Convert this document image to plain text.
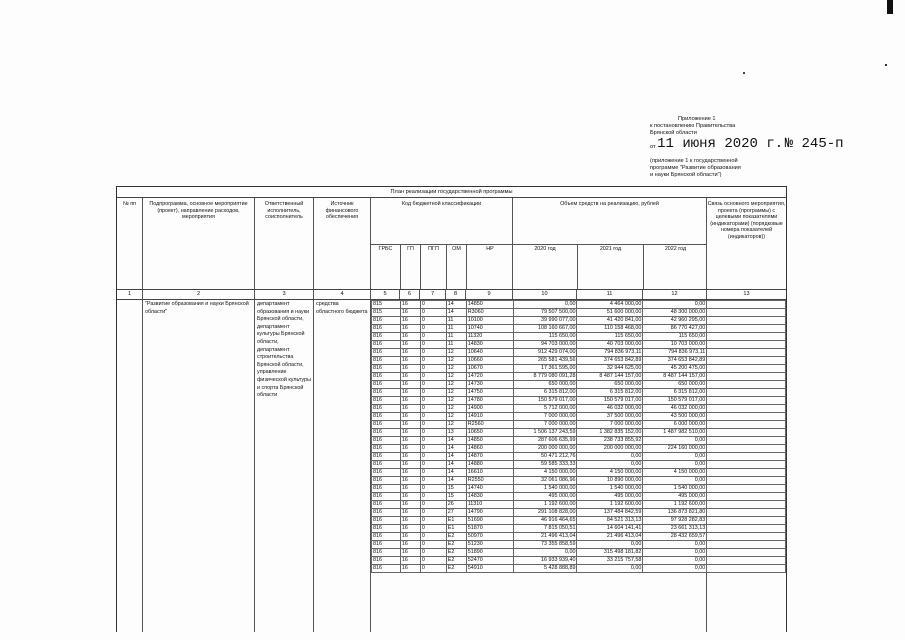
Приложение 1
к постановлению Правительства
Брянской области
от 11 июня 2020 г. № 245-п
(приложение 1 к государственной
программе "Развитие образования
и науки Брянской области")
План реализации государственной программы
№ пп	Подпрограмма, основное мероприятие (проект), направление расходов, мероприятия
Ответственный исполнитель, соисполнитель
Источник финансового обеспечения
Код бюджетной классификации	Объем средств на реализацию, рублей	Связь основного мероприятия, проекта (программы) с целевыми показателями (индикаторами) (порядковые номера показателей (индикаторов))
ГРБС	ГП	ПГП	ОМ	НР	2020 год	2021 год	2022 год
1	2	3	4	5	6	7	8	9	10	11	12	13
"Развитие образования и науки Брянской области"
департамент образования и науки Брянской области, департамент культуры Брянской области, департамент строительства Брянской области, управление физической культуры и спорта Брянской области
средства областного бюджета
815	16	0	14	14850	0,00	4 464 000,00	0,00	
815	16	0	14	R3060	79 507 500,00	51 600 000,00	48 300 000,00	
816	16	0	11	10100	39 990 077,00	41 420 841,00	42 960 295,00	
816	16	0	11	10740	108 160 667,00	110 158 468,00	86 770 427,00	
816	16	0	11	11320	115 650,00	115 650,00	115 650,00	
816	16	0	11	14830	94 703 000,00	40 703 000,00	10 703 000,00	
816	16	0	12	10640	912 429 074,00	794 836 973,11	794 836 973,11	
816	16	0	12	10660	265 581 439,56	374 653 842,89	374 653 842,89	
816	16	0	12	10670	17 361 595,00	32 944 625,00	45 200 475,00	
816	16	0	12	14720	8 779 080 091,28	8 487 144 157,00	8 487 144 157,00	
816	16	0	12	14730	650 000,00	650 000,00	650 000,00	
816	16	0	12	14750	6 315 812,00	6 315 812,00	6 315 812,00	
816	16	0	12	14780	150 579 017,00	150 579 017,00	150 579 017,00	
816	16	0	12	14900	5 712 000,00	46 032 000,00	46 032 000,00	
816	16	0	12	14910	7 000 000,00	37 500 000,00	43 500 000,00	
816	16	0	12	R2560	7 000 000,00	7 000 000,00	6 000 000,00	
816	16	0	13	10650	1 506 137 243,59	1 382 835 152,00	1 487 982 510,00	
816	16	0	14	14850	287 606 635,99	238 733 855,92	0,00	
816	16	0	14	14860	200 000 000,00	200 000 000,00	224 160 000,00	
816	16	0	14	14870	50 471 212,76	0,00	0,00	
816	16	0	14	14880	59 585 333,33	0,00	0,00	
816	16	0	14	16610	4 150 000,00	4 150 000,00	4 150 000,00	
816	16	0	14	R2550	32 061 086,96	10 890 000,00	0,00	
816	16	0	15	14740	1 540 000,00	1 540 000,00	1 540 000,00	
816	16	0	15	14830	495 000,00	495 000,00	495 000,00	
816	16	0	26	11310	1 192 600,00	1 192 600,00	1 192 600,00	
816	16	0	27	14790	291 108 828,00	137 484 842,59	136 873 821,80	
816	16	0	E1	51690	46 916 464,65	84 521 313,13	97 928 282,83	
816	16	0	E1	51870	7 815 050,51	14 604 141,41	23 661 313,13	
816	16	0	E2	50970	21 496 413,04	21 496 413,04	28 432 659,57	
816	16	0	E2	51230	73 355 858,59	0,00	0,00	
816	16	0	E2	51890	0,00	315 498 181,82	0,00	
816	16	0	E2	52470	16 933 939,40	33 215 757,58	0,00	
816	16	0	E2	54910	5 428 888,89	0,00	0,00	
